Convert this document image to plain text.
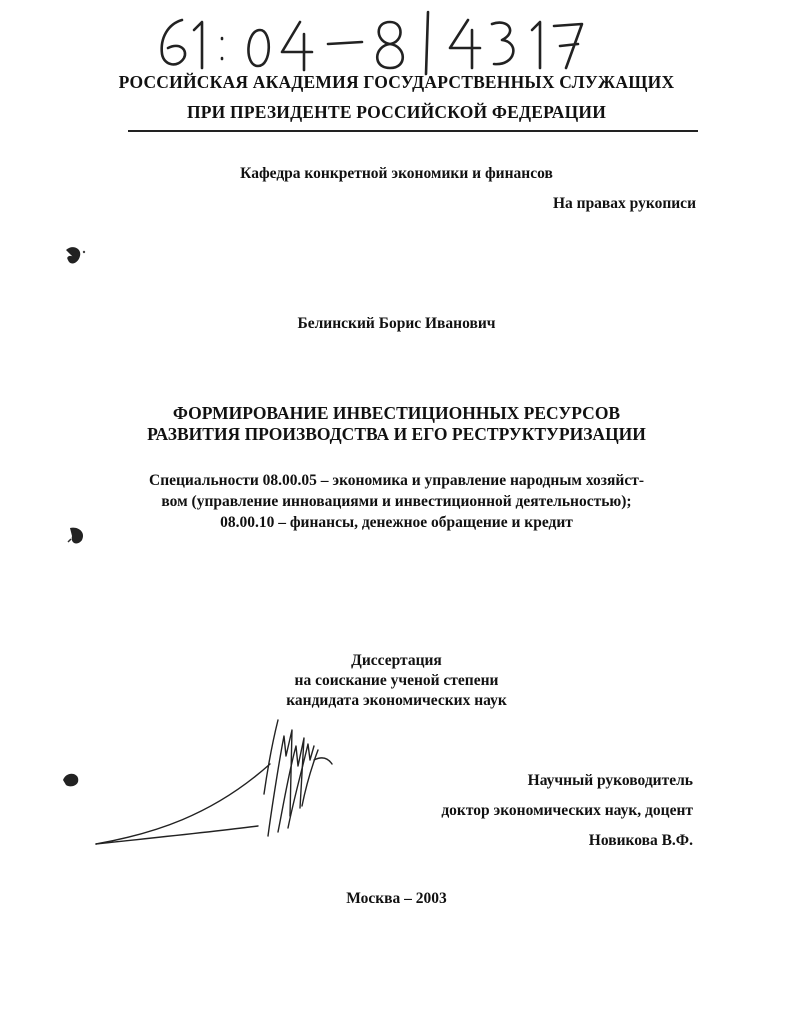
РОССИЙСКАЯ АКАДЕМИЯ ГОСУДАРСТВЕННЫХ СЛУЖАЩИХ
ПРИ ПРЕЗИДЕНТЕ РОССИЙСКОЙ ФЕДЕРАЦИИ
Кафедра конкретной экономики и финансов
На правах рукописи
Белинский Борис Иванович
ФОРМИРОВАНИЕ ИНВЕСТИЦИОННЫХ РЕСУРСОВ
РАЗВИТИЯ ПРОИЗВОДСТВА И ЕГО РЕСТРУКТУРИЗАЦИИ
Специальности 08.00.05 – экономика и управление народным хозяйст-
вом (управление инновациями и инвестиционной деятельностью);
08.00.10 – финансы, денежное обращение и кредит
Диссертация
на соискание ученой степени
кандидата экономических наук
Научный руководитель
доктор экономических наук, доцент
Новикова В.Ф.
Москва – 2003
